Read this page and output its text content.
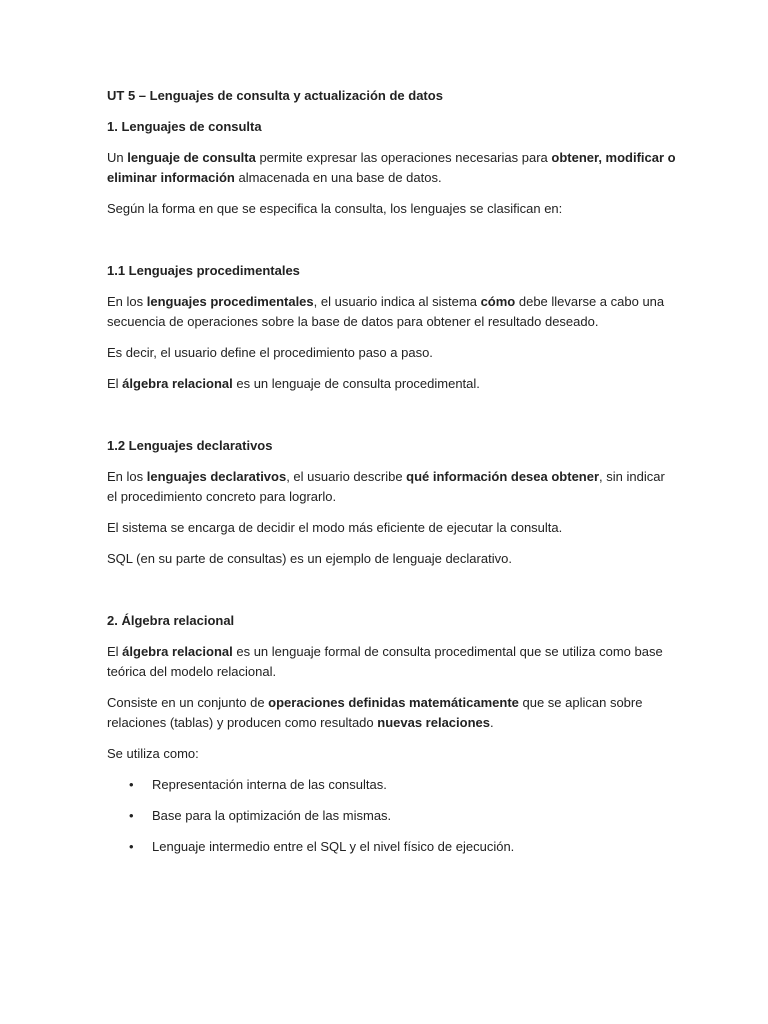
UT 5 – Lenguajes de consulta y actualización de datos

1. Lenguajes de consulta

Un lenguaje de consulta permite expresar las operaciones necesarias para obtener, modificar o eliminar información almacenada en una base de datos.

Según la forma en que se especifica la consulta, los lenguajes se clasifican en:

1.1 Lenguajes procedimentales

En los lenguajes procedimentales, el usuario indica al sistema cómo debe llevarse a cabo una secuencia de operaciones sobre la base de datos para obtener el resultado deseado.

Es decir, el usuario define el procedimiento paso a paso.

El álgebra relacional es un lenguaje de consulta procedimental.

1.2 Lenguajes declarativos

En los lenguajes declarativos, el usuario describe qué información desea obtener, sin indicar el procedimiento concreto para lograrlo.

El sistema se encarga de decidir el modo más eficiente de ejecutar la consulta.

SQL (en su parte de consultas) es un ejemplo de lenguaje declarativo.

2. Álgebra relacional

El álgebra relacional es un lenguaje formal de consulta procedimental que se utiliza como base teórica del modelo relacional.

Consiste en un conjunto de operaciones definidas matemáticamente que se aplican sobre relaciones (tablas) y producen como resultado nuevas relaciones.

Se utiliza como:

• Representación interna de las consultas.
• Base para la optimización de las mismas.
• Lenguaje intermedio entre el SQL y el nivel físico de ejecución.
